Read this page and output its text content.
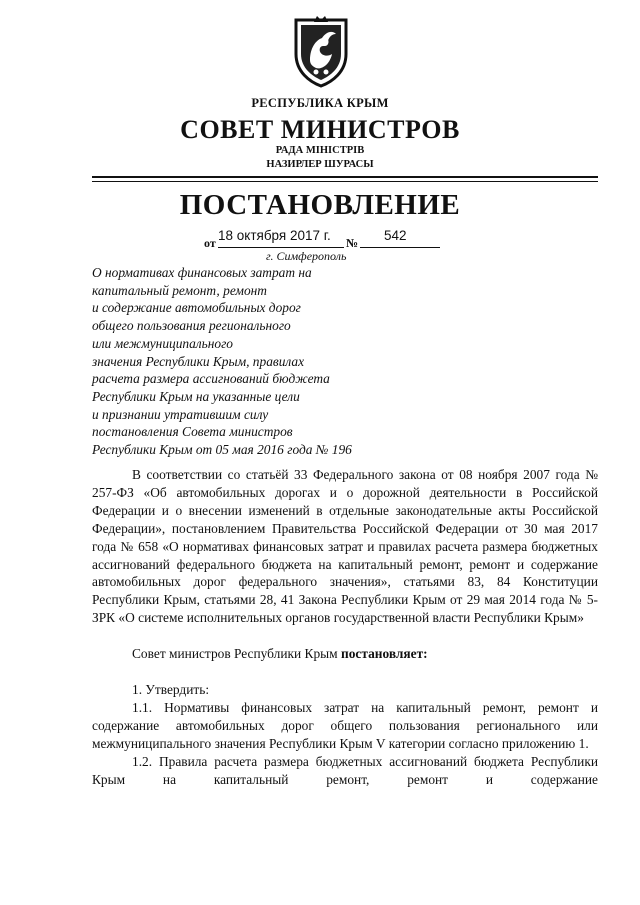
РЕСПУБЛИКА КРЫМ
СОВЕТ МИНИСТРОВ
РАДА МІНІСТРІВ
НАЗИРЛЕР ШУРАСЫ
ПОСТАНОВЛЕНИЕ
от 18 октября 2017 г. № 542
г. Симферополь
О нормативах финансовых затрат на
капитальный ремонт, ремонт
и содержание автомобильных дорог
общего пользования регионального
или межмуниципального
значения Республики Крым, правилах
расчета размера ассигнований бюджета
Республики Крым на указанные цели
и признании утратившим силу
постановления Совета министров
Республики Крым от 05 мая 2016 года № 196

В соответствии со статьёй 33 Федерального закона от 08 ноября 2007 года № 257-ФЗ «Об автомобильных дорогах и о дорожной деятельности в Российской Федерации и о внесении изменений в отдельные законодательные акты Российской Федерации», постановлением Правительства Российской Федерации от 30 мая 2017 года № 658 «О нормативах финансовых затрат и правилах расчета размера бюджетных ассигнований федерального бюджета на капитальный ремонт, ремонт и содержание автомобильных дорог федерального значения», статьями 83, 84 Конституции Республики Крым, статьями 28, 41 Закона Республики Крым от 29 мая 2014 года № 5-ЗРК «О системе исполнительных органов государственной власти Республики Крым»

Совет министров Республики Крым постановляет:

1. Утвердить:

1.1. Нормативы финансовых затрат на капитальный ремонт, ремонт и содержание автомобильных дорог общего пользования регионального или межмуниципального значения Республики Крым V категории согласно приложению 1.

1.2. Правила расчета размера бюджетных ассигнований бюджета Республики Крым на капитальный ремонт, ремонт и содержание
